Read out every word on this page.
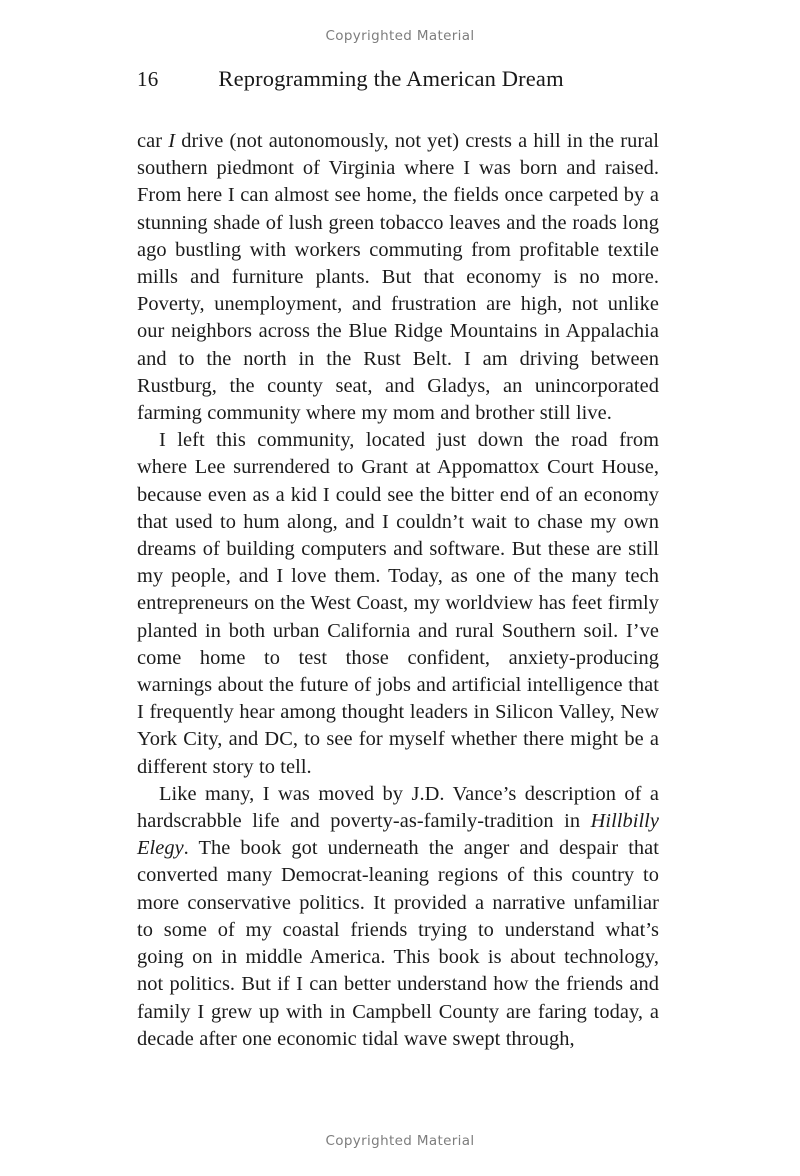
Copyrighted Material
16	Reprogramming the American Dream

car I drive (not autonomously, not yet) crests a hill in the rural southern piedmont of Virginia where I was born and raised. From here I can almost see home, the fields once carpeted by a stunning shade of lush green tobacco leaves and the roads long ago bustling with workers commuting from profitable textile mills and furniture plants. But that economy is no more. Poverty, unemployment, and frustration are high, not unlike our neighbors across the Blue Ridge Mountains in Appalachia and to the north in the Rust Belt. I am driving between Rustburg, the county seat, and Gladys, an unincorporated farming community where my mom and brother still live.

I left this community, located just down the road from where Lee surrendered to Grant at Appomattox Court House, because even as a kid I could see the bitter end of an economy that used to hum along, and I couldn’t wait to chase my own dreams of building computers and software. But these are still my people, and I love them. Today, as one of the many tech entrepreneurs on the West Coast, my worldview has feet firmly planted in both urban California and rural Southern soil. I’ve come home to test those confident, anxiety-producing warnings about the future of jobs and artificial intelligence that I frequently hear among thought leaders in Silicon Valley, New York City, and DC, to see for myself whether there might be a different story to tell.

Like many, I was moved by J.D. Vance’s description of a hardscrabble life and poverty-as-family-tradition in Hillbilly Elegy. The book got underneath the anger and despair that converted many Democrat-leaning regions of this country to more conservative politics. It provided a narrative unfamiliar to some of my coastal friends trying to understand what’s going on in middle America. This book is about technology, not politics. But if I can better understand how the friends and family I grew up with in Campbell County are faring today, a decade after one economic tidal wave swept through,

Copyrighted Material
